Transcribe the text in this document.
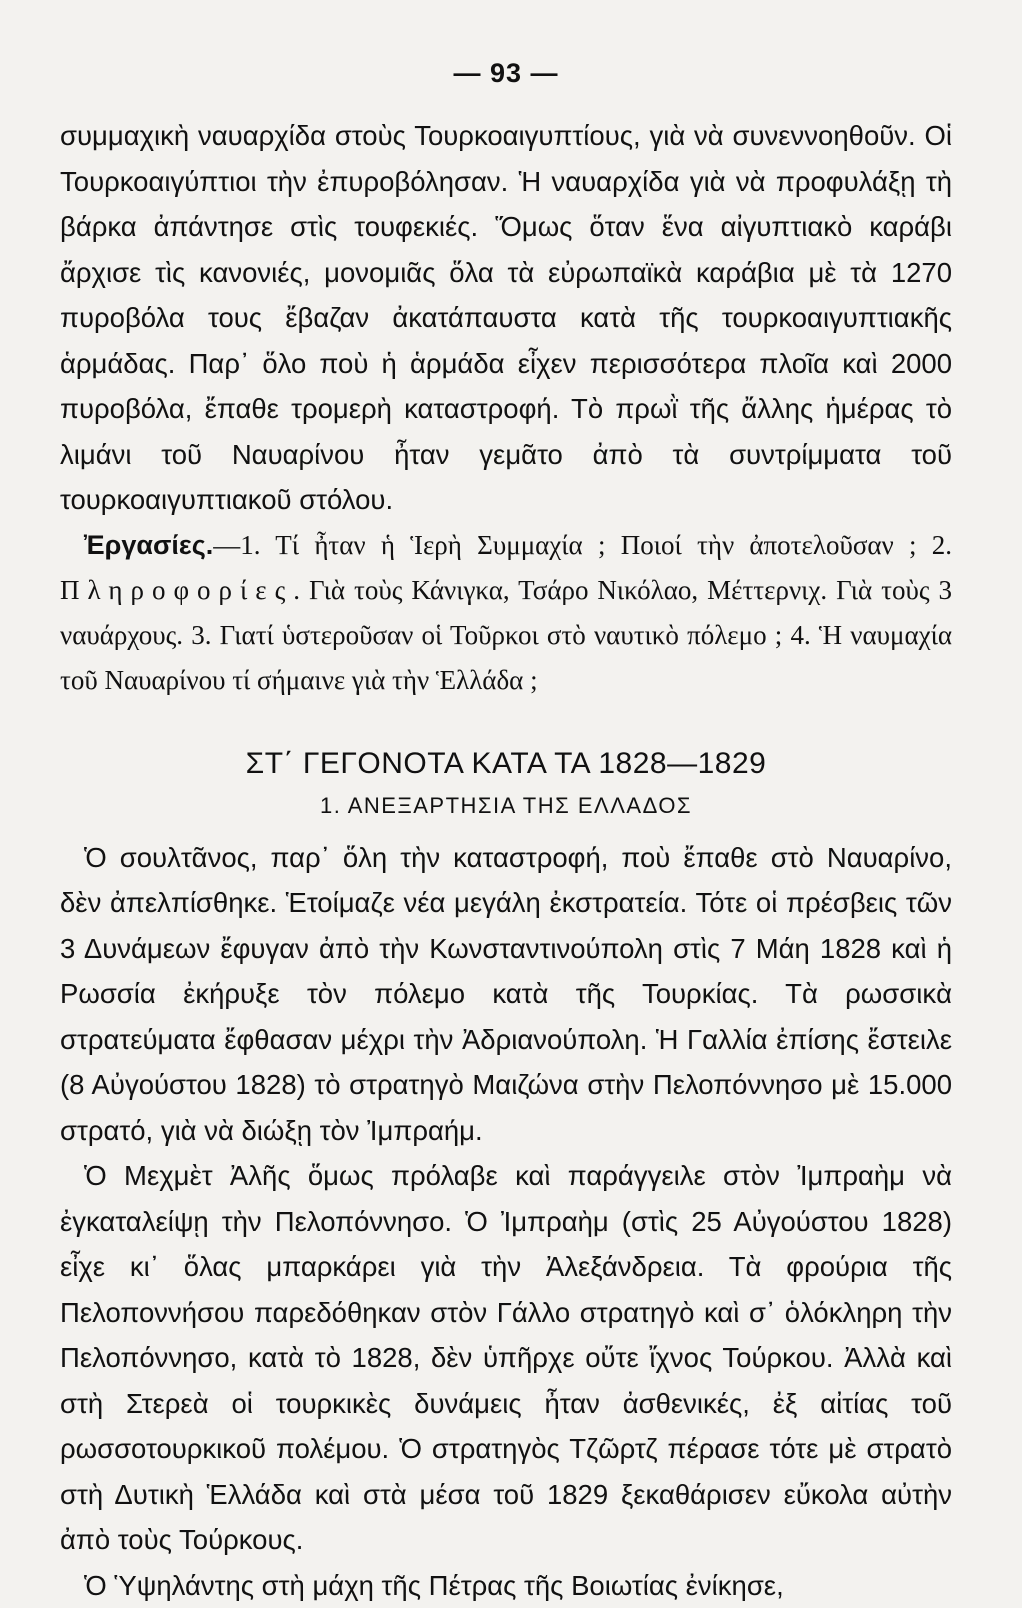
— 93 —

συμμαχικὴ ναυαρχίδα στοὺς Τουρκοαιγυπτίους, γιὰ νὰ συνεννοηθοῦν. Οἱ Τουρκοαιγύπτιοι τὴν ἐπυροβόλησαν. Ἡ ναυαρχίδα γιὰ νὰ προφυλάξῃ τὴ βάρκα ἀπάντησε στὶς τουφεκιές. Ὅμως ὅταν ἕνα αἰγυπτιακὸ καράβι ἄρχισε τὶς κανονιές, μονομιᾶς ὅλα τὰ εὐρωπαϊκὰ καράβια μὲ τὰ 1270 πυροβόλα τους ἔβαζαν ἀκατάπαυστα κατὰ τῆς τουρκοαιγυπτιακῆς ἁρμάδας. Παρ᾿ ὅλο ποὺ ἡ ἁρμάδα εἶχεν περισσότερα πλοῖα καὶ 2000 πυροβόλα, ἔπαθε τρομερὴ καταστροφή. Τὸ πρωῒ τῆς ἄλλης ἡμέρας τὸ λιμάνι τοῦ Ναυαρίνου ἦταν γεμᾶτο ἀπὸ τὰ συντρίμματα τοῦ τουρκοαιγυπτιακοῦ στόλου.

Ἐργασίες.—1. Τί ἦταν ἡ Ἱερὴ Συμμαχία ; Ποιοί τὴν ἀποτελοῦσαν ; 2. Πληροφορίες. Γιὰ τοὺς Κάνιγκα, Τσάρο Νικόλαο, Μέττερνιχ. Γιὰ τοὺς 3 ναυάρχους. 3. Γιατί ὑστεροῦσαν οἱ Τοῦρκοι στὸ ναυτικὸ πόλεμο ; 4. Ἡ ναυμαχία τοῦ Ναυαρίνου τί σήμαινε γιὰ τὴν Ἑλλάδα ;

ΣΤ΄ ΓΕΓΟΝΟΤΑ ΚΑΤΑ ΤΑ 1828—1829
1. ΑΝΕΞΑΡΤΗΣΙΑ ΤΗΣ ΕΛΛΑΔΟΣ

Ὁ σουλτᾶνος, παρ᾿ ὅλη τὴν καταστροφή, ποὺ ἔπαθε στὸ Ναυαρίνο, δὲν ἀπελπίσθηκε. Ἑτοίμαζε νέα μεγάλη ἐκστρατεία. Τότε οἱ πρέσβεις τῶν 3 Δυνάμεων ἔφυγαν ἀπὸ τὴν Κωνσταντινούπολη στὶς 7 Μάη 1828 καὶ ἡ Ρωσσία ἐκήρυξε τὸν πόλεμο κατὰ τῆς Τουρκίας. Τὰ ρωσσικὰ στρατεύματα ἔφθασαν μέχρι τὴν Ἀδριανούπολη. Ἡ Γαλλία ἐπίσης ἔστειλε (8 Αὐγούστου 1828) τὸ στρατηγὸ Μαιζώνα στὴν Πελοπόννησο μὲ 15.000 στρατό, γιὰ νὰ διώξῃ τὸν Ἰμπραήμ.

Ὁ Μεχμὲτ Ἀλῆς ὅμως πρόλαβε καὶ παράγγειλε στὸν Ἰμπραὴμ νὰ ἐγκαταλείψῃ τὴν Πελοπόννησο. Ὁ Ἰμπραὴμ (στὶς 25 Αὐγούστου 1828) εἶχε κι᾿ ὅλας μπαρκάρει γιὰ τὴν Ἀλεξάνδρεια. Τὰ φρούρια τῆς Πελοποννήσου παρεδόθηκαν στὸν Γάλλο στρατηγὸ καὶ σ᾿ ὁλόκληρη τὴν Πελοπόννησο, κατὰ τὸ 1828, δὲν ὑπῆρχε οὔτε ἴχνος Τούρκου. Ἀλλὰ καὶ στὴ Στερεὰ οἱ τουρκικὲς δυνάμεις ἦταν ἀσθενικές, ἐξ αἰτίας τοῦ ρωσσοτουρκικοῦ πολέμου. Ὁ στρατηγὸς Τζῶρτζ πέρασε τότε μὲ στρατὸ στὴ Δυτικὴ Ἑλλάδα καὶ στὰ μέσα τοῦ 1829 ξεκαθάρισεν εὔκολα αὐτὴν ἀπὸ τοὺς Τούρκους.

Ὁ Ὑψηλάντης στὴ μάχη τῆς Πέτρας τῆς Βοιωτίας ἐνίκησε,
